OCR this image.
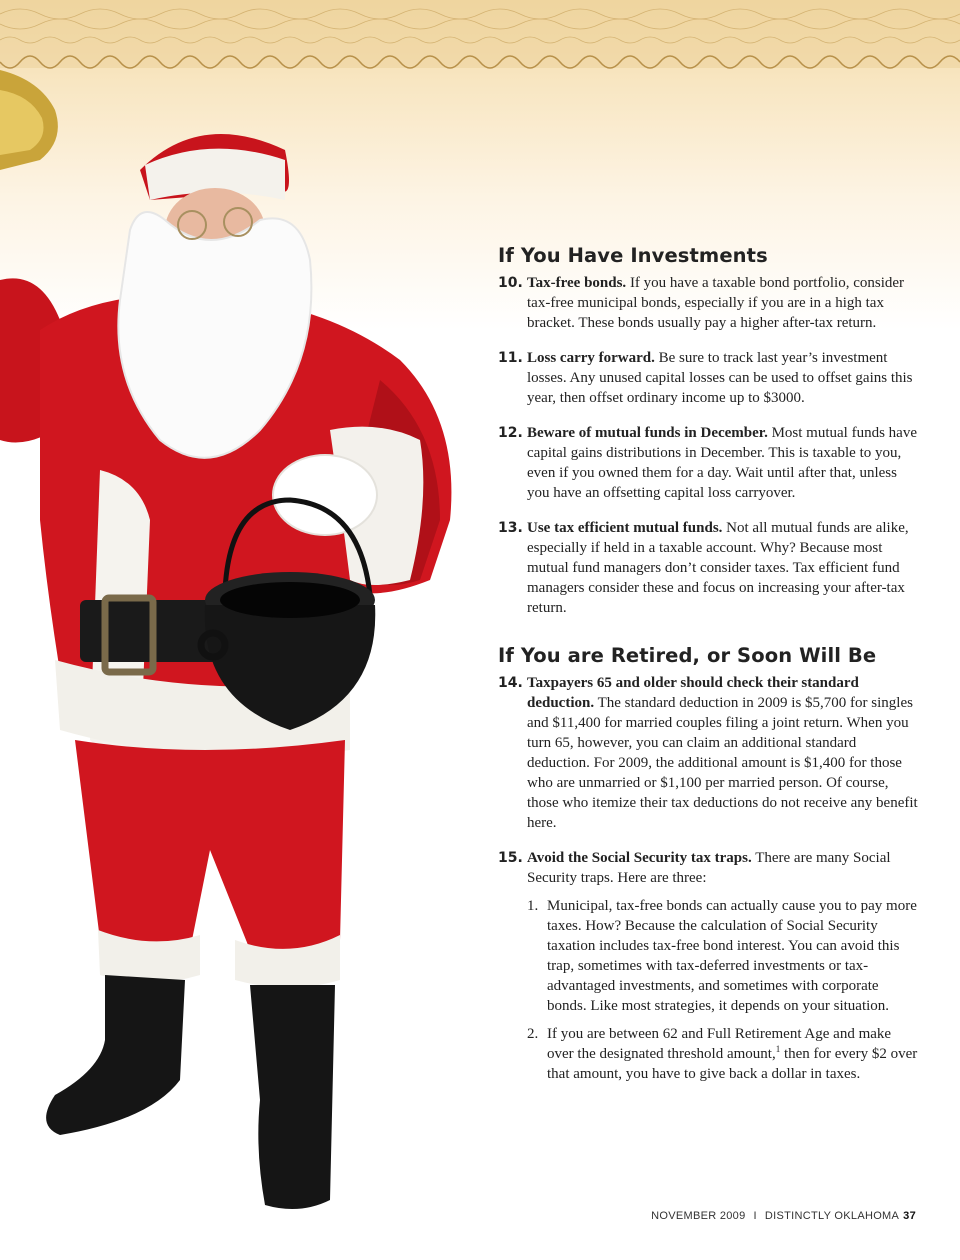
If You Have Investments
10. Tax-free bonds. If you have a taxable bond portfolio, consider tax-free municipal bonds, especially if you are in a high tax bracket. These bonds usually pay a higher after-tax return.
11. Loss carry forward. Be sure to track last year’s investment losses. Any unused capital losses can be used to offset gains this year, then offset ordinary income up to $3000.
12. Beware of mutual funds in December. Most mutual funds have capital gains distributions in December. This is taxable to you, even if you owned them for a day. Wait until after that, unless you have an offsetting capital loss carryover.
13. Use tax efficient mutual funds. Not all mutual funds are alike, especially if held in a taxable account. Why? Because most mutual fund managers don’t consider taxes. Tax efficient fund managers consider these and focus on increasing your after-tax return.
If You are Retired, or Soon Will Be
14. Taxpayers 65 and older should check their standard deduction. The standard deduction in 2009 is $5,700 for singles and $11,400 for married couples filing a joint return. When you turn 65, however, you can claim an additional standard deduction. For 2009, the additional amount is $1,400 for those who are unmarried or $1,100 per married person. Of course, those who itemize their tax deductions do not receive any benefit here.
15. Avoid the Social Security tax traps. There are many Social Security traps. Here are three:
1. Municipal, tax-free bonds can actually cause you to pay more taxes. How? Because the calculation of Social Security taxation includes tax-free bond interest. You can avoid this trap, sometimes with tax-deferred investments or tax-advantaged investments, and sometimes with corporate bonds. Like most strategies, it depends on your situation.
2. If you are between 62 and Full Retirement Age and make over the designated threshold amount,$^1$ then for every $2 over that amount, you have to give back a dollar in taxes.
NOVEMBER 2009 I DISTINCTLY OKLAHOMA 37
